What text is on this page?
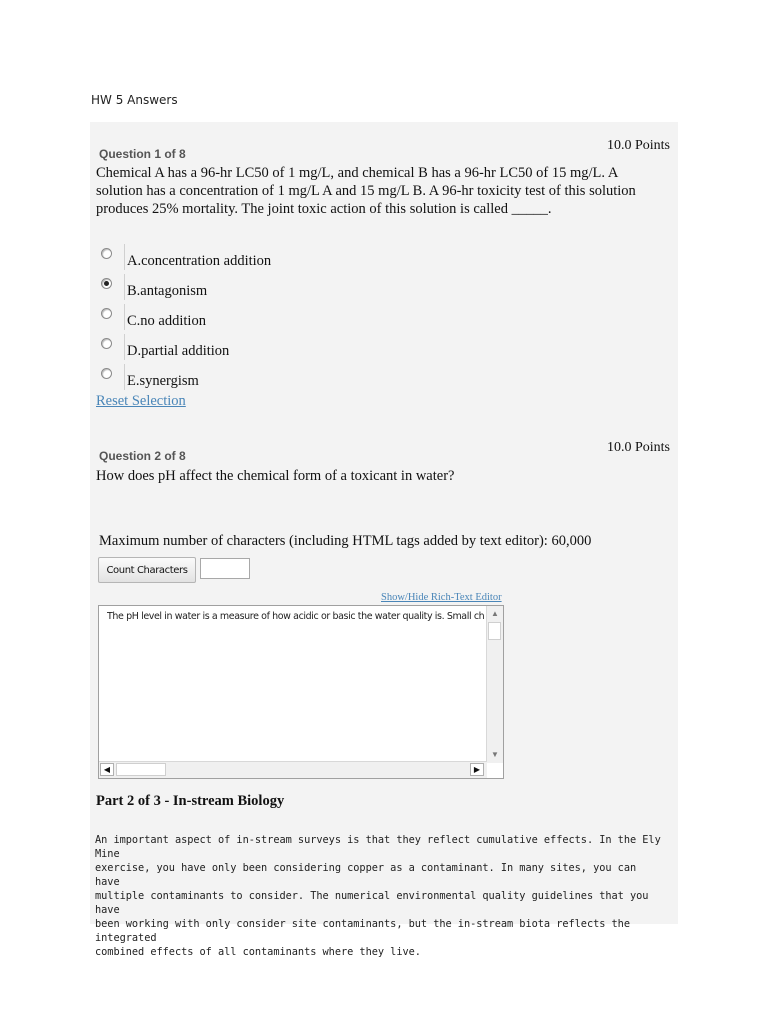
HW 5 Answers
Question 1 of 8
10.0 Points
Chemical A has a 96-hr LC50 of 1 mg/L, and chemical B has a 96-hr LC50 of 15 mg/L. A
solution has a concentration of 1 mg/L A and 15 mg/L B. A 96-hr toxicity test of this solution
produces 25% mortality. The joint toxic action of this solution is called _____.
A.concentration addition
B.antagonism
C.no addition
D.partial addition
E.synergism
Reset Selection
Question 2 of 8
10.0 Points
How does pH affect the chemical form of a toxicant in water?
Maximum number of characters (including HTML tags added by text editor): 60,000
Count Characters
Show/Hide Rich-Text Editor
The pH level in water is a measure of how acidic or basic the water quality is. Small ch ▲
▼
◀	▶
Part 2 of 3 - In-stream Biology
An important aspect of in-stream surveys is that they reflect cumulative effects. In the Ely Mine
exercise, you have only been considering copper as a contaminant. In many sites, you can have
multiple contaminants to consider. The numerical environmental quality guidelines that you have
been working with only consider site contaminants, but the in-stream biota reflects the integrated
combined effects of all contaminants where they live.
